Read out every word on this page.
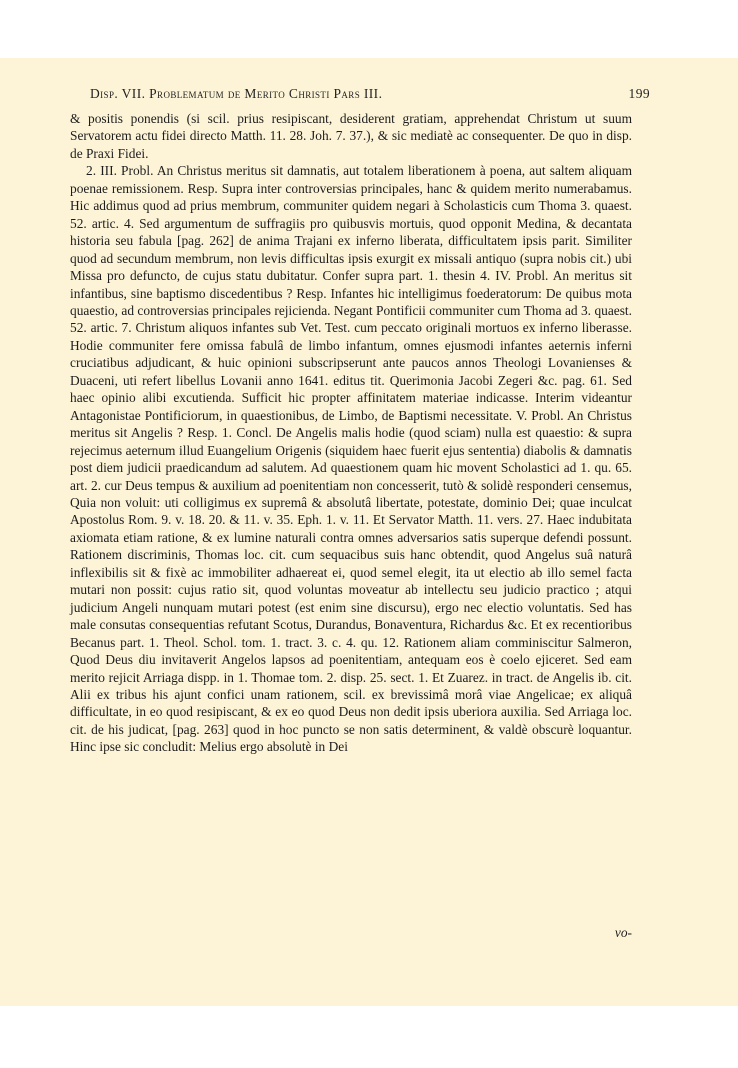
Disp. VII. Problematum de Merito Christi Pars III.	199

& positis ponendis (si scil. prius resipiscant, desiderent gratiam, apprehendat Christum ut suum Servatorem actu fidei directo Matth. 11. 28. Joh. 7. 37.), & sic mediatè ac consequenter. De quo in disp. de Praxi Fidei.

2. III. Probl. An Christus meritus sit damnatis, aut totalem liberationem à poena, aut saltem aliquam poenae remissionem. Resp. Supra inter controversias principales, hanc & quidem merito numerabamus. Hic addimus quod ad prius membrum, communiter quidem negari à Scholasticis cum Thoma 3. quaest. 52. artic. 4. Sed argumentum de suffragiis pro quibusvis mortuis, quod opponit Medina, & decantata historia seu fabula [pag. 262] de anima Trajani ex inferno liberata, difficultatem ipsis parit. Similiter quod ad secundum membrum, non levis difficultas ipsis exurgit ex missali antiquo (supra nobis cit.) ubi Missa pro defuncto, de cujus statu dubitatur. Confer supra part. 1. thesin 4. IV. Probl. An meritus sit infantibus, sine baptismo discedentibus ? Resp. Infantes hic intelligimus foederatorum: De quibus mota quaestio, ad controversias principales rejicienda. Negant Pontificii communiter cum Thoma ad 3. quaest. 52. artic. 7. Christum aliquos infantes sub Vet. Test. cum peccato originali mortuos ex inferno liberasse. Hodie communiter fere omissa fabulâ de limbo infantum, omnes ejusmodi infantes aeternis inferni cruciatibus adjudicant, & huic opinioni subscripserunt ante paucos annos Theologi Lovanienses & Duaceni, uti refert libellus Lovanii anno 1641. editus tit. Querimonia Jacobi Zegeri &c. pag. 61. Sed haec opinio alibi excutienda. Sufficit hic propter affinitatem materiae indicasse. Interim videantur Antagonistae Pontificiorum, in quaestionibus, de Limbo, de Baptismi necessitate. V. Probl. An Christus meritus sit Angelis ? Resp. 1. Concl. De Angelis malis hodie (quod sciam) nulla est quaestio: & supra rejecimus aeternum illud Euangelium Origenis (siquidem haec fuerit ejus sententia) diabolis & damnatis post diem judicii praedicandum ad salutem. Ad quaestionem quam hic movent Scholastici ad 1. qu. 65. art. 2. cur Deus tempus & auxilium ad poenitentiam non concesserit, tutò & solidè responderi censemus, Quia non voluit: uti colligimus ex supremâ & absolutâ libertate, potestate, dominio Dei; quae inculcat Apostolus Rom. 9. v. 18. 20. & 11. v. 35. Eph. 1. v. 11. Et Servator Matth. 11. vers. 27. Haec indubitata axiomata etiam ratione, & ex lumine naturali contra omnes adversarios satis superque defendi possunt. Rationem discriminis, Thomas loc. cit. cum sequacibus suis hanc obtendit, quod Angelus suâ naturâ inflexibilis sit & fixè ac immobiliter adhaereat ei, quod semel elegit, ita ut electio ab illo semel facta mutari non possit: cujus ratio sit, quod voluntas moveatur ab intellectu seu judicio practico ; atqui judicium Angeli nunquam mutari potest (est enim sine discursu), ergo nec electio voluntatis. Sed has male consutas consequentias refutant Scotus, Durandus, Bonaventura, Richardus &c. Et ex recentioribus Becanus part. 1. Theol. Schol. tom. 1. tract. 3. c. 4. qu. 12. Rationem aliam comminiscitur Salmeron, Quod Deus diu invitaverit Angelos lapsos ad poenitentiam, antequam eos è coelo ejiceret. Sed eam merito rejicit Arriaga dispp. in 1. Thomae tom. 2. disp. 25. sect. 1. Et Zuarez. in tract. de Angelis ib. cit. Alii ex tribus his ajunt confici unam rationem, scil. ex brevissimâ morâ viae Angelicae; ex aliquâ difficultate, in eo quod resipiscant, & ex eo quod Deus non dedit ipsis uberiora auxilia. Sed Arriaga loc. cit. de his judicat, [pag. 263] quod in hoc puncto se non satis determinent, & valdè obscurè loquantur. Hinc ipse sic concludit: Melius ergo absolutè in Dei

vo-
